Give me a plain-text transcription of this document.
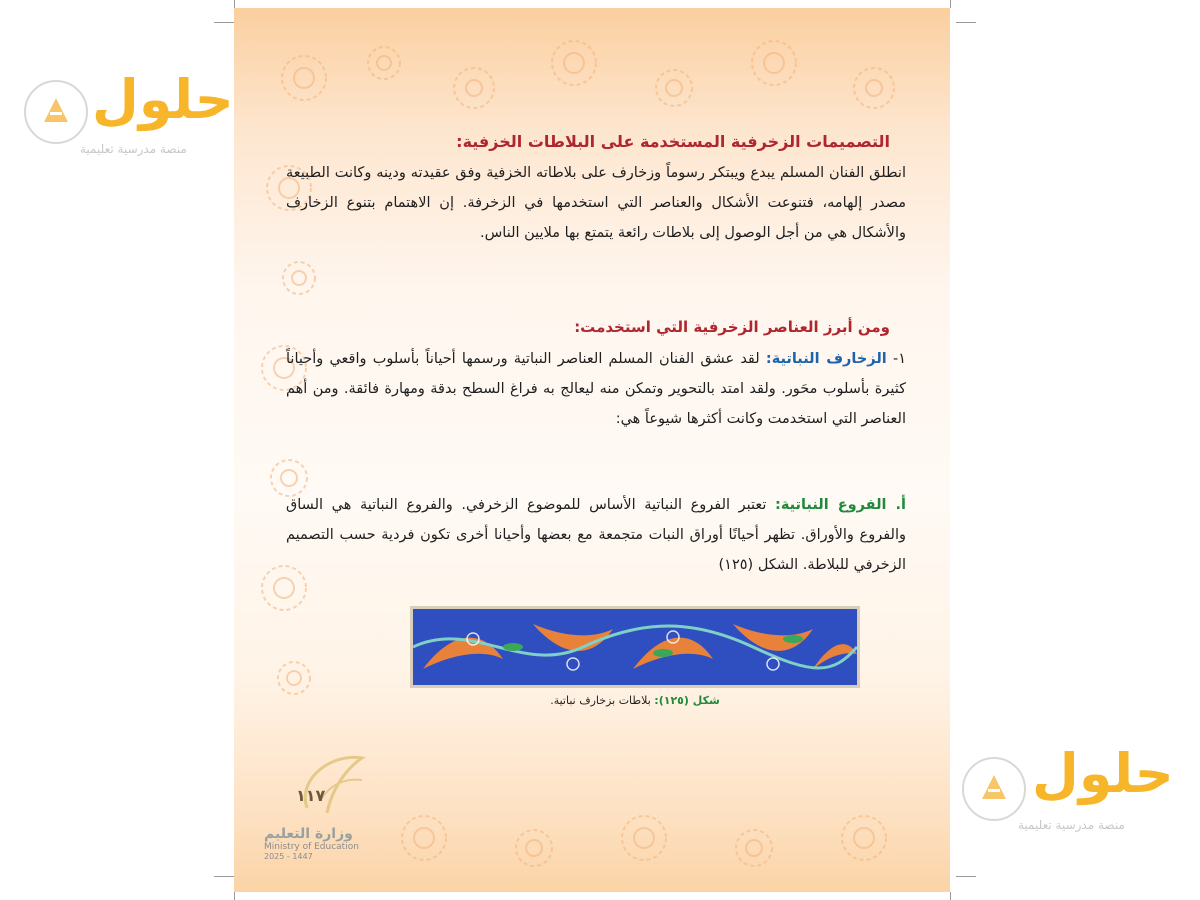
حلول
منصة مدرسية تعليمية
حلول
منصة مدرسية تعليمية
التصميمات الزخرفية المستخدمة على البلاطات الخزفية:

انطلق الفنان المسلم يبدع ويبتكر رسوماً وزخارف على بلاطاته الخزفية وفق عقيدته ودينه وكانت الطبيعة مصدر إلهامه، فتنوعت الأشكال والعناصر التي استخدمها في الزخرفة. إن الاهتمام بتنوع الزخارف والأشكال هي من أجل الوصول إلى بلاطات رائعة يتمتع بها ملايين الناس.

ومن أبرز العناصر الزخرفية التي استخدمت:

١- الزخارف النباتية: لقد عشق الفنان المسلم العناصر النباتية ورسمها أحياناً بأسلوب واقعي وأحياناً كثيرة بأسلوب محَور. ولقد امتد بالتحوير وتمكن منه ليعالج به فراغ السطح بدقة ومهارة فائقة. ومن أهم العناصر التي استخدمت وكانت أكثرها شيوعاً هي:

أ. الفروع النباتية: تعتبر الفروع النباتية الأساس للموضوع الزخرفي. والفروع النباتية هي الساق والفروع والأوراق. تظهر أحيانًا أوراق النبات متجمعة مع بعضها وأحيانا أخرى تكون فردية حسب التصميم الزخرفي للبلاطة. الشكل (١٢٥)

شكل (١٢٥): بلاطات بزخارف نباتية.
١١٧
وزارة التعليم
Ministry of Education
2025 - 1447
